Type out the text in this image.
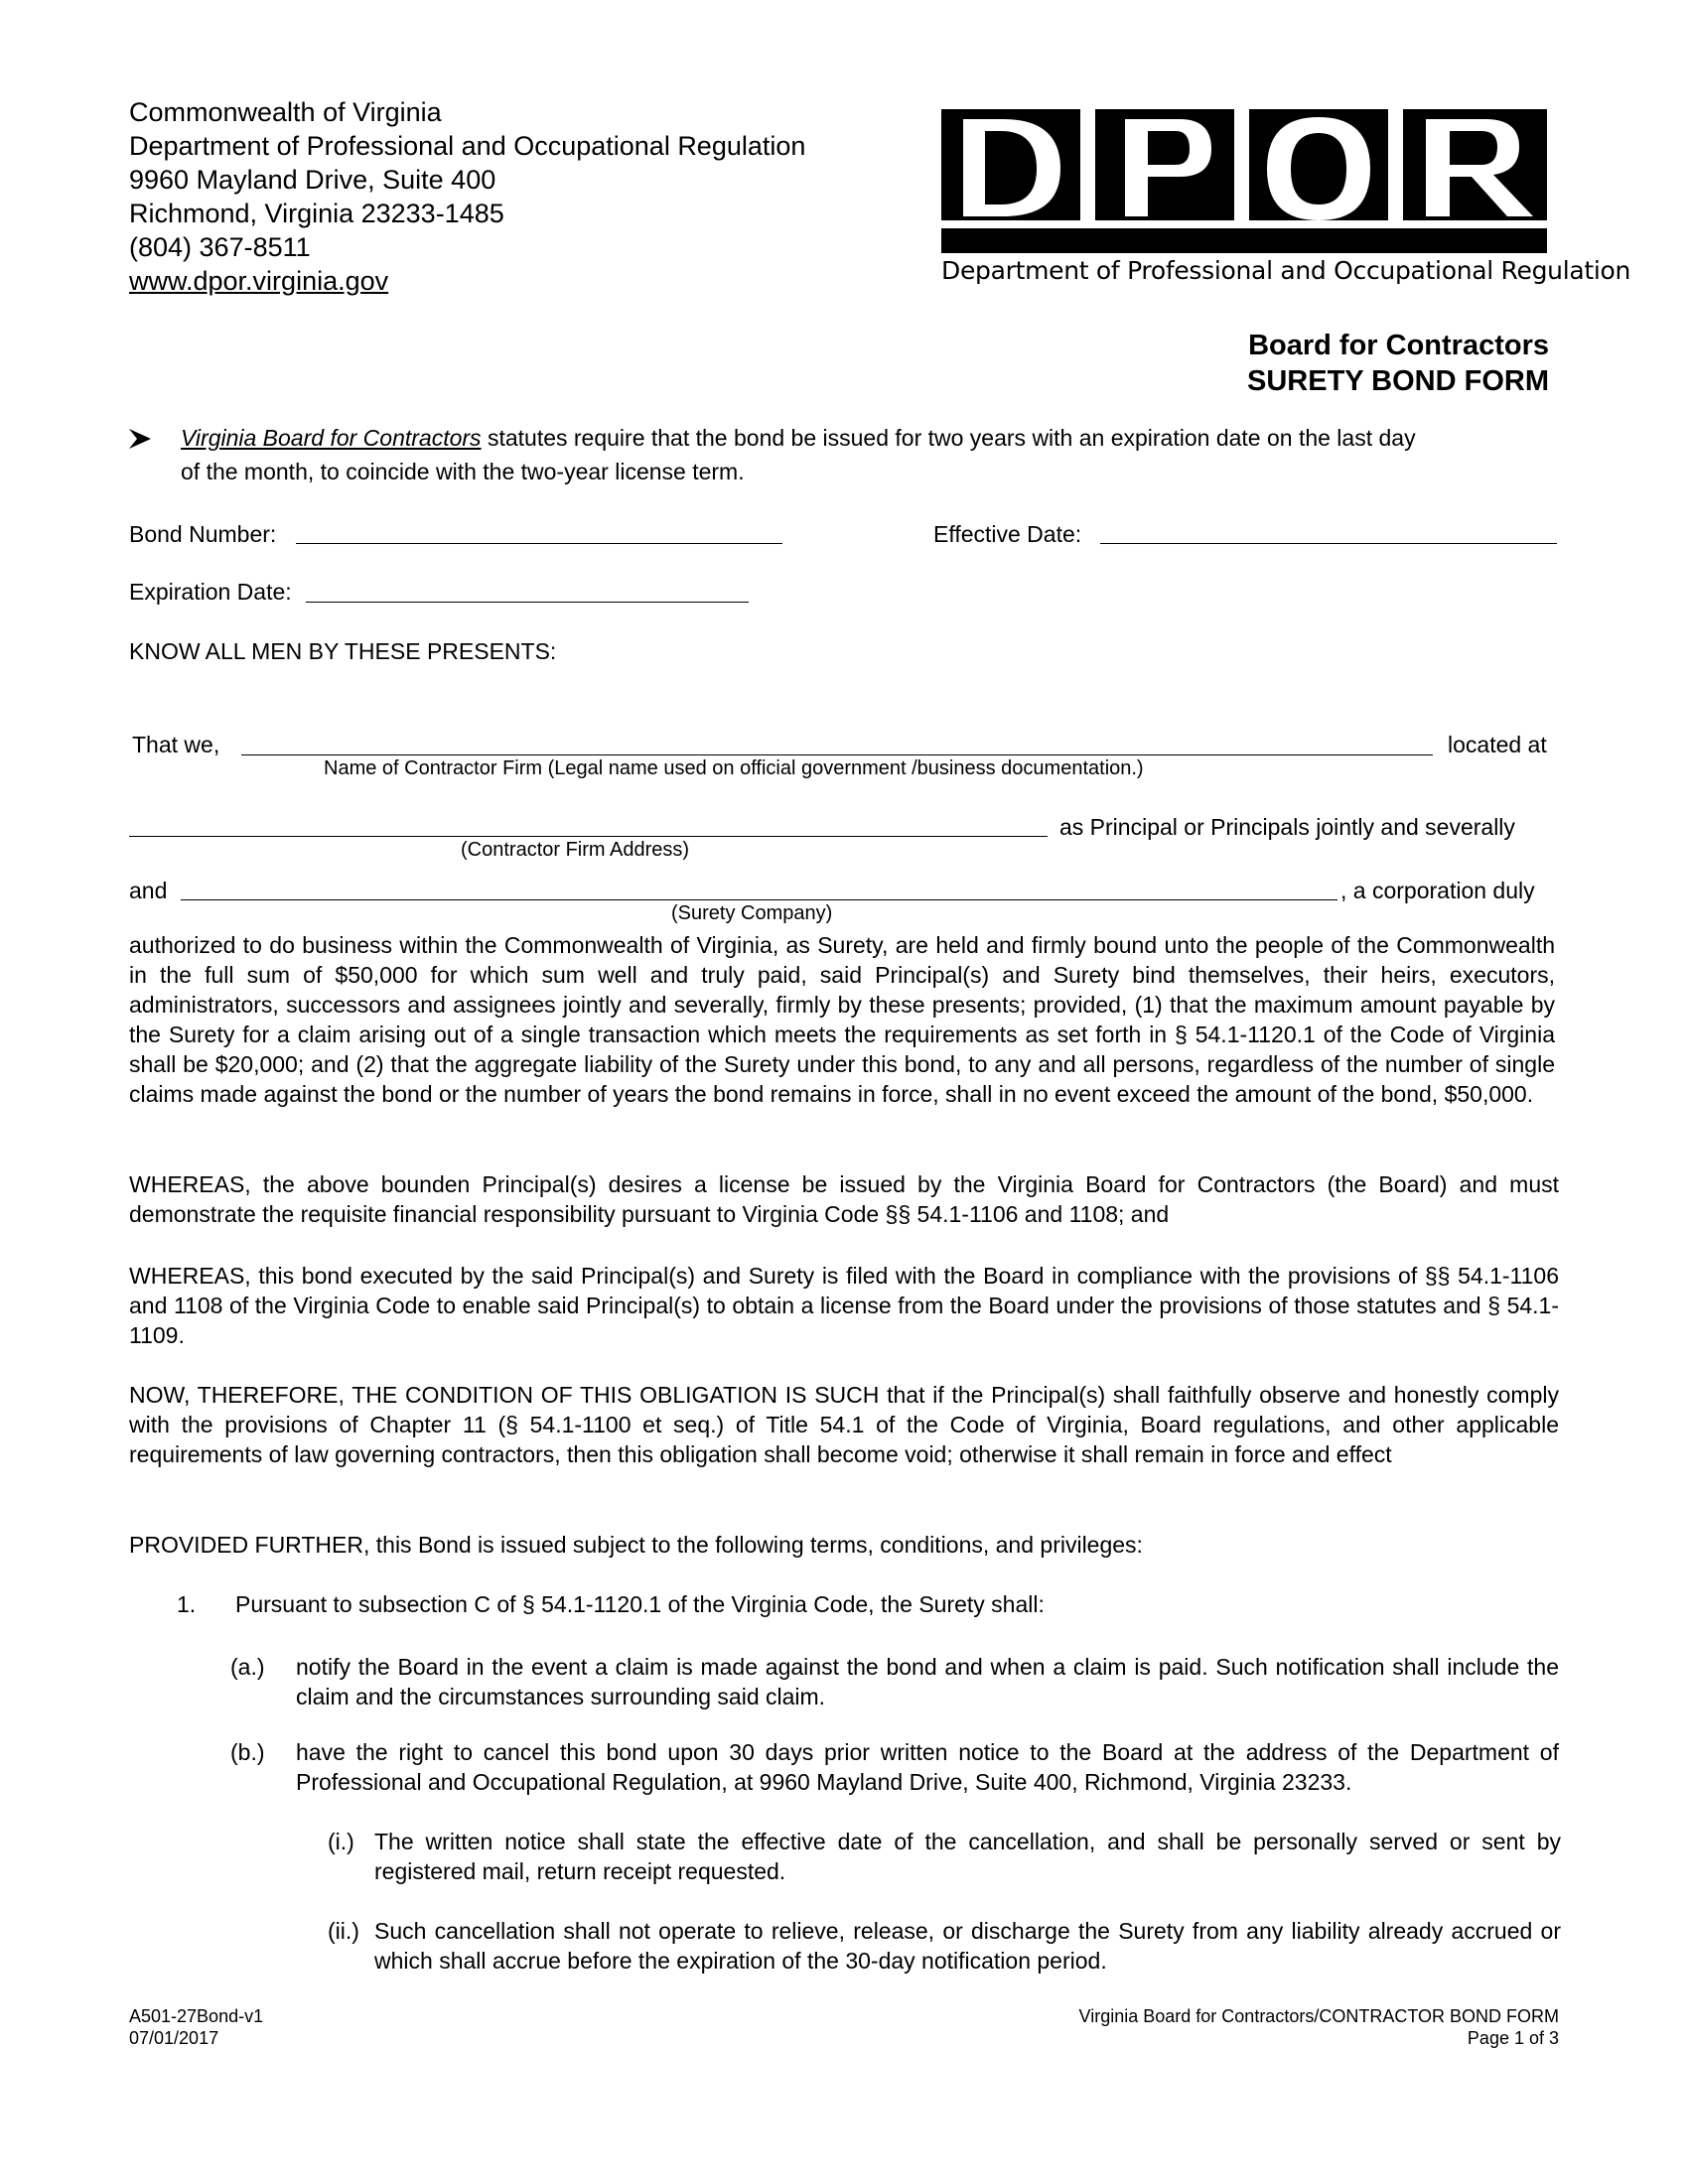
Commonwealth of Virginia
Department of Professional and Occupational Regulation
9960 Mayland Drive, Suite 400
Richmond, Virginia 23233-1485
(804) 367-8511
www.dpor.virginia.gov	Department of Professional and Occupational Regulation
Board for Contractors
SURETY BOND FORM
Virginia Board for Contractors statutes require that the bond be issued for two years with an expiration date on the last day
of the month, to coincide with the two-year license term.
Bond Number:	Effective Date:
Expiration Date:
KNOW ALL MEN BY THESE PRESENTS:
That we,	located at
Name of Contractor Firm (Legal name used on official government /business documentation.)
as Principal or Principals jointly and severally
(Contractor Firm Address)
and	, a corporation duly
(Surety Company)
authorized to do business within the Commonwealth of Virginia, as Surety, are held and firmly bound unto the people of the Commonwealth in the full sum of $50,000 for which sum well and truly paid, said Principal(s) and Surety bind themselves, their heirs, executors, administrators, successors and assignees jointly and severally, firmly by these presents; provided, (1) that the maximum amount payable by the Surety for a claim arising out of a single transaction which meets the requirements as set forth in § 54.1-1120.1 of the Code of Virginia shall be $20,000; and (2) that the aggregate liability of the Surety under this bond, to any and all persons, regardless of the number of single claims made against the bond or the number of years the bond remains in force, shall in no event exceed the amount of the bond, $50,000.
WHEREAS, the above bounden Principal(s) desires a license be issued by the Virginia Board for Contractors (the Board) and must demonstrate the requisite financial responsibility pursuant to Virginia Code §§ 54.1-1106 and 1108; and
WHEREAS, this bond executed by the said Principal(s) and Surety is filed with the Board in compliance with the provisions of §§ 54.1-1106 and 1108 of the Virginia Code to enable said Principal(s) to obtain a license from the Board under the provisions of those statutes and § 54.1-1109.
NOW, THEREFORE, THE CONDITION OF THIS OBLIGATION IS SUCH that if the Principal(s) shall faithfully observe and honestly comply with the provisions of Chapter 11 (§ 54.1-1100 et seq.) of Title 54.1 of the Code of Virginia, Board regulations, and other applicable requirements of law governing contractors, then this obligation shall become void; otherwise it shall remain in force and effect
PROVIDED FURTHER, this Bond is issued subject to the following terms, conditions, and privileges:
1. Pursuant to subsection C of § 54.1-1120.1 of the Virginia Code, the Surety shall:
(a.) notify the Board in the event a claim is made against the bond and when a claim is paid. Such notification shall include the claim and the circumstances surrounding said claim.
(b.) have the right to cancel this bond upon 30 days prior written notice to the Board at the address of the Department of Professional and Occupational Regulation, at 9960 Mayland Drive, Suite 400, Richmond, Virginia 23233.
(i.) The written notice shall state the effective date of the cancellation, and shall be personally served or sent by registered mail, return receipt requested.
(ii.) Such cancellation shall not operate to relieve, release, or discharge the Surety from any liability already accrued or which shall accrue before the expiration of the 30-day notification period.
A501-27Bond-v1
07/01/2017
Virginia Board for Contractors/CONTRACTOR BOND FORM
Page 1 of 3
